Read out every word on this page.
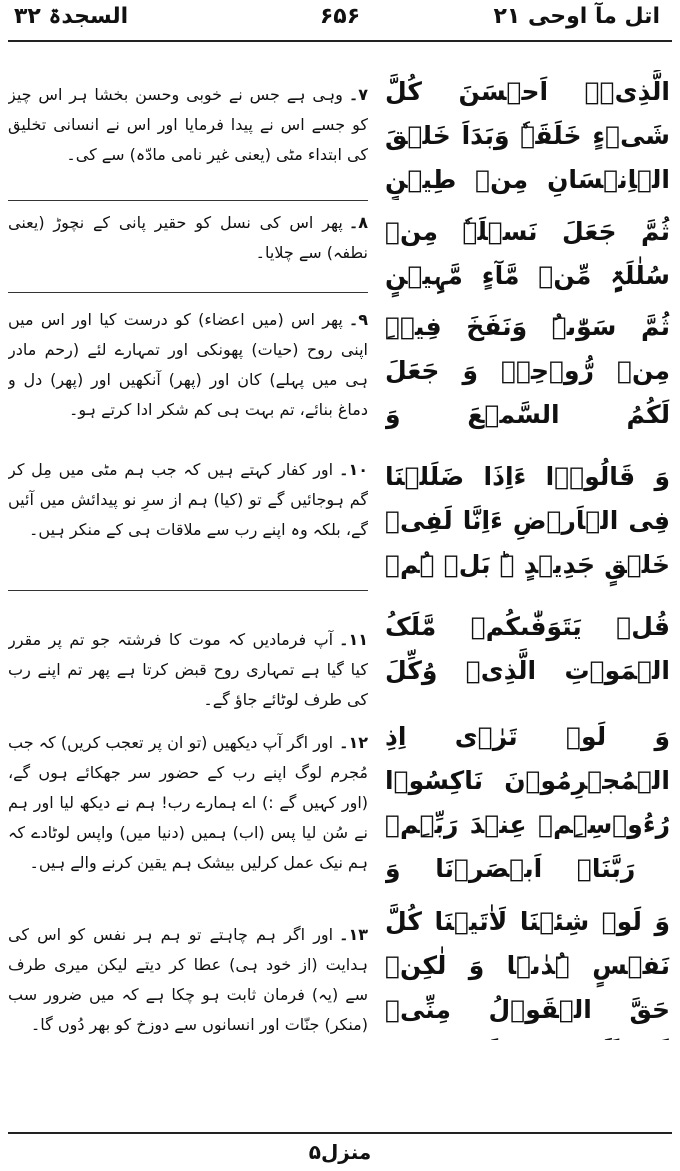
اتل مآ اوحی ۲۱
۶۵۶
السجدۃ ۳۲
الَّذِیۡۤ اَحۡسَنَ کُلَّ شَیۡءٍ خَلَقَہٗ وَبَدَاَ خَلۡقَ الۡاِنۡسَانِ مِنۡ طِیۡنٍ
ثُمَّ جَعَلَ نَسۡلَہٗ مِنۡ سُلٰلَۃٍ مِّنۡ مَّآءٍ مَّہِیۡنٍ
ثُمَّ سَوّٰىہُ وَنَفَخَ فِیۡہِ مِنۡ رُّوۡحِہٖ وَ جَعَلَ لَکُمُ السَّمۡعَ وَ
وَ قَالُوۡۤا ءَاِذَا ضَلَلۡنَا فِی الۡاَرۡضِ ءَاِنَّا لَفِیۡ خَلۡقٍ جَدِیۡدٍ ۬ؕ بَلۡ ہُمۡ
قُلۡ یَتَوَفّٰىکُمۡ مَّلَکُ الۡمَوۡتِ الَّذِیۡ وُکِّلَ
وَ لَوۡ تَرٰۤی اِذِ الۡمُجۡرِمُوۡنَ نَاکِسُوۡا رُءُوۡسِہِمۡ عِنۡدَ رَبِّہِمۡ ؕ رَبَّنَاۤ اَبۡصَرۡنَا وَ
وَ لَوۡ شِئۡنَا لَاٰتَیۡنَا کُلَّ نَفۡسٍ ہُدٰىہَا وَ لٰکِنۡ حَقَّ الۡقَوۡلُ مِنِّیۡ
۷۔وہی ہے جس نے خوبی وحسن بخشا ہر اس چیز کو جسے اس نے پیدا فرمایا اور اس نے انسانی تخلیق کی ابتداء مٹی (یعنی غیر نامی مادّہ) سے کی۔
۸۔پھر اس کی نسل کو حقیر پانی کے نچوڑ (یعنی نطفہ) سے چلایا۔
۹۔پھر اس (میں اعضاء) کو درست کیا اور اس میں اپنی روح (حیات) پھونکی اور تمہارے لئے (رحم مادر ہی میں پہلے) کان اور (پھر) آنکھیں اور (پھر) دل و دماغ بنائے، تم بہت ہی کم شکر ادا کرتے ہو۔
۱۰۔اور کفار کہتے ہیں کہ جب ہم مٹی میں مِل کر گم ہوجائیں گے تو (کیا) ہم از سرِ نو پیدائش میں آئیں گے، بلکہ وہ اپنے رب سے ملاقات ہی کے منکر ہیں۔
۱۱۔آپ فرمادیں کہ موت کا فرشتہ جو تم پر مقرر کیا گیا ہے تمہاری روح قبض کرتا ہے پھر تم اپنے رب کی طرف لوٹائے جاؤ گے۔
۱۲۔اور اگر آپ دیکھیں (تو ان پر تعجب کریں) کہ جب مُجرم لوگ اپنے رب کے حضور سر جھکائے ہوں گے، (اور کہیں گے :) اے ہمارے رب! ہم نے دیکھ لیا اور ہم نے سُن لیا پس (اب) ہمیں (دنیا میں) واپس لوٹادے کہ ہم نیک عمل کرلیں بیشک ہم یقین کرنے والے ہیں۔
۱۳۔اور اگر ہم چاہتے تو ہم ہر نفس کو اس کی ہدایت (از خود ہی) عطا کر دیتے لیکن میری طرف سے (یہ) فرمان ثابت ہو چکا ہے کہ میں ضرور سب (منکر) جنّات اور انسانوں سے دوزخ کو بھر دُوں گا۔
منزل۵
